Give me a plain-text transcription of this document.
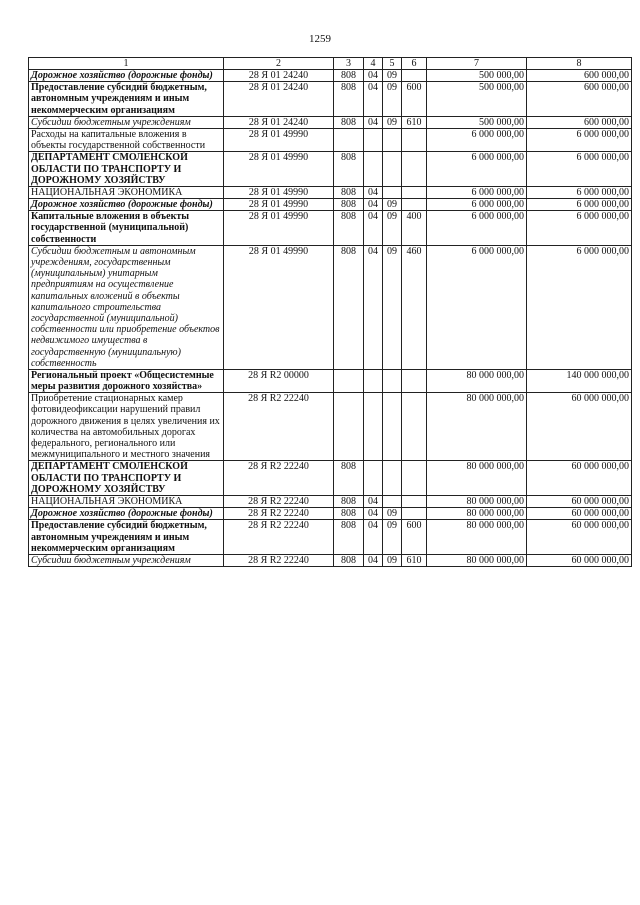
1259
1	2	3	4	5	6	7	8
Дорожное хозяйство (дорожные фонды)	28 Я 01 24240	808	04	09		500 000,00	600 000,00
Предоставление субсидий бюджетным, автономным учреждениям и иным некоммерческим организациям	28 Я 01 24240	808	04	09	600	500 000,00	600 000,00
Субсидии бюджетным учреждениям	28 Я 01 24240	808	04	09	610	500 000,00	600 000,00
Расходы на капитальные вложения в объекты государственной собственности	28 Я 01 49990					6 000 000,00	6 000 000,00
ДЕПАРТАМЕНТ СМОЛЕНСКОЙ ОБЛАСТИ ПО ТРАНСПОРТУ И ДОРОЖНОМУ ХОЗЯЙСТВУ	28 Я 01 49990	808				6 000 000,00	6 000 000,00
НАЦИОНАЛЬНАЯ ЭКОНОМИКА	28 Я 01 49990	808	04			6 000 000,00	6 000 000,00
Дорожное хозяйство (дорожные фонды)	28 Я 01 49990	808	04	09		6 000 000,00	6 000 000,00
Капитальные вложения в объекты государственной (муниципальной) собственности	28 Я 01 49990	808	04	09	400	6 000 000,00	6 000 000,00
Субсидии бюджетным и автономным учреждениям, государственным (муниципальным) унитарным предприятиям на осуществление капитальных вложений в объекты капитального строительства государственной (муниципальной) собственности или приобретение объектов недвижимого имущества в государственную (муниципальную) собственность	28 Я 01 49990	808	04	09	460	6 000 000,00	6 000 000,00
Региональный проект «Общесистемные меры развития дорожного хозяйства»	28 Я R2 00000					80 000 000,00	140 000 000,00
Приобретение стационарных камер фотовидеофиксации нарушений правил дорожного движения в целях увеличения их количества на автомобильных дорогах федерального, регионального или межмуниципального и местного значения	28 Я R2 22240					80 000 000,00	60 000 000,00
ДЕПАРТАМЕНТ СМОЛЕНСКОЙ ОБЛАСТИ ПО ТРАНСПОРТУ И ДОРОЖНОМУ ХОЗЯЙСТВУ	28 Я R2 22240	808				80 000 000,00	60 000 000,00
НАЦИОНАЛЬНАЯ ЭКОНОМИКА	28 Я R2 22240	808	04			80 000 000,00	60 000 000,00
Дорожное хозяйство (дорожные фонды)	28 Я R2 22240	808	04	09		80 000 000,00	60 000 000,00
Предоставление субсидий бюджетным, автономным учреждениям и иным некоммерческим организациям	28 Я R2 22240	808	04	09	600	80 000 000,00	60 000 000,00
Субсидии бюджетным учреждениям	28 Я R2 22240	808	04	09	610	80 000 000,00	60 000 000,00
